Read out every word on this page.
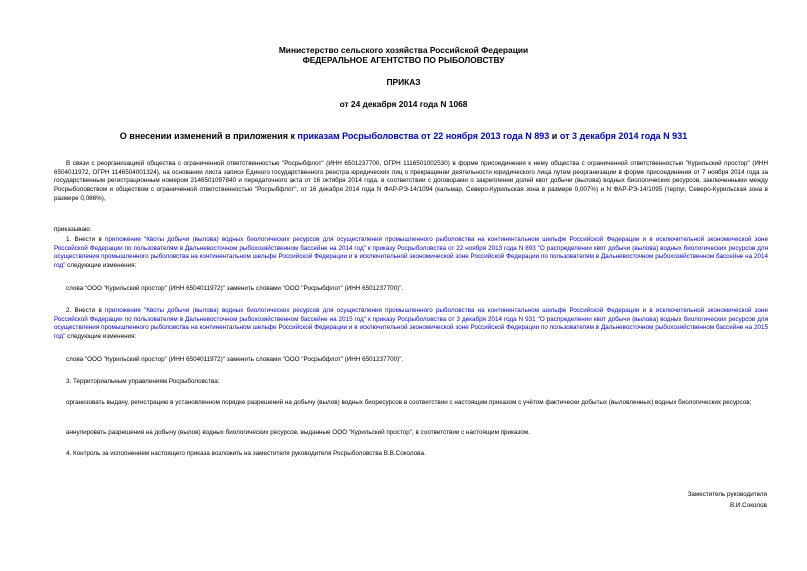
Министерство сельского хозяйства Российской Федерации
ФЕДЕРАЛЬНОЕ АГЕНТСТВО ПО РЫБОЛОВСТВУ
ПРИКАЗ
от 24 декабря 2014 года N 1068
О внесении изменений в приложения к приказам Росрыболовства от 22 ноября 2013 года N 893 и от 3 декабря 2014 года N 931
В связи с реорганизацией общества с ограниченной ответственностью "Росрыбфлот" (ИНН 6501237700, ОГРН 1116501002530) в форме присоединения к нему общества с ограниченной ответственностью "Курильский простор" (ИНН 6504011972, ОГРН 1146504001324), на основании листа записи Единого государственного реестра юридических лиц о прекращении деятельности юридического лица путем реорганизации в форме присоединения от 7 ноября 2014 года за государственным регистрационным номером 2146501097840 и передаточного акта от 16 октября 2014 года, в соответствии с договорами о закреплении долей квот добычи (вылова) водных биологических ресурсов, заключенными между Росрыболовством и обществом с ограниченной ответственностью "Росрыбфлот", от 16 декабря 2014 года N ФАР-РЭ-14/1094 (кальмар, Северо-Курильская зона в размере 0,007%) и N ФАР-РЭ-14/1095 (терпуг, Северо-Курильская зона в размере 0,086%),
приказываю:
1. Внести в приложение "Квоты добычи (вылова) водных биологических ресурсов для осуществления промышленного рыболовства на континентальном шельфе Российской Федерации и в исключительной экономической зоне Российской Федерации по пользователям в Дальневосточном рыбохозяйственном бассейне на 2014 год" к приказу Росрыболовства от 22 ноября 2013 года N 893 "О распределении квот добычи (вылова) водных биологических ресурсов для осуществления промышленного рыболовства на континентальном шельфе Российской Федерации и в исключительной экономической зоне Российской Федерации по пользователям в Дальневосточном рыбохозяйственном бассейне на 2014 год" следующие изменения:
слова "ООО "Курильский простор" (ИНН 6504011972)" заменить словами "ООО "Росрыбфлот" (ИНН 6501237700)".
2. Внести в приложение "Квоты добычи (вылова) водных биологических ресурсов для осуществления промышленного рыболовства на континентальном шельфе Российской Федерации и в исключительной экономической зоне Российской Федерации по пользователям в Дальневосточном рыбохозяйственном бассейне на 2015 год" к приказу Росрыболовства от 3 декабря 2014 года N 931 "О распределении квот добычи (вылова) водных биологических ресурсов для осуществления промышленного рыболовства на континентальном шельфе Российской Федерации и в исключительной экономической зоне Российской Федерации по пользователям в Дальневосточном рыбохозяйственном бассейне на 2015 год" следующие изменения:
слова "ООО "Курильский простор" (ИНН 6504011972)" заменить словами "ООО "Росрыбфлот" (ИНН 6501237700)".
3. Территориальным управлениям Росрыболовства:
организовать выдачу, регистрацию в установленном порядке разрешений на добычу (вылов) водных биоресурсов в соответствии с настоящим приказом с учётом фактически добытых (выловленных) водных биологических ресурсов;
аннулировать разрешения на добычу (вылов) водных биологических ресурсов, выданные ООО "Курильский простор", в соответствии с настоящим приказом.
4. Контроль за исполнением настоящего приказа возложить на заместителя руководителя Росрыболовства В.В.Соколова.
Заместитель руководителя
В.И.Соколов
